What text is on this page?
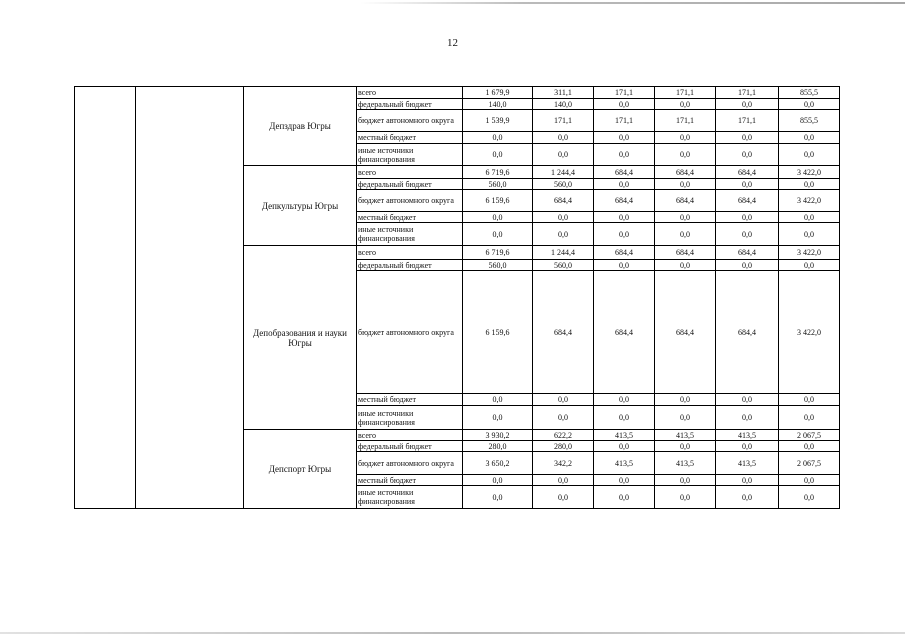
12
		Депздрав Югры	всего	1 679,9	311,1	171,1	171,1	171,1	855,5
			федеральный бюджет	140,0	140,0	0,0	0,0	0,0	0,0
			бюджет автономного округа	1 539,9	171,1	171,1	171,1	171,1	855,5
			местный бюджет	0,0	0,0	0,0	0,0	0,0	0,0
			иные источники финансирования	0,0	0,0	0,0	0,0	0,0	0,0
		Депкультуры Югры	всего	6 719,6	1 244,4	684,4	684,4	684,4	3 422,0
			федеральный бюджет	560,0	560,0	0,0	0,0	0,0	0,0
			бюджет автономного округа	6 159,6	684,4	684,4	684,4	684,4	3 422,0
			местный бюджет	0,0	0,0	0,0	0,0	0,0	0,0
			иные источники финансирования	0,0	0,0	0,0	0,0	0,0	0,0
		Депобразования и науки Югры	всего	6 719,6	1 244,4	684,4	684,4	684,4	3 422,0
			федеральный бюджет	560,0	560,0	0,0	0,0	0,0	0,0
			бюджет автономного округа	6 159,6	684,4	684,4	684,4	684,4	3 422,0
			местный бюджет	0,0	0,0	0,0	0,0	0,0	0,0
			иные источники финансирования	0,0	0,0	0,0	0,0	0,0	0,0
		Депспорт Югры	всего	3 930,2	622,2	413,5	413,5	413,5	2 067,5
			федеральный бюджет	280,0	280,0	0,0	0,0	0,0	0,0
			бюджет автономного округа	3 650,2	342,2	413,5	413,5	413,5	2 067,5
			местный бюджет	0,0	0,0	0,0	0,0	0,0	0,0
			иные источники финансирования	0,0	0,0	0,0	0,0	0,0	0,0
